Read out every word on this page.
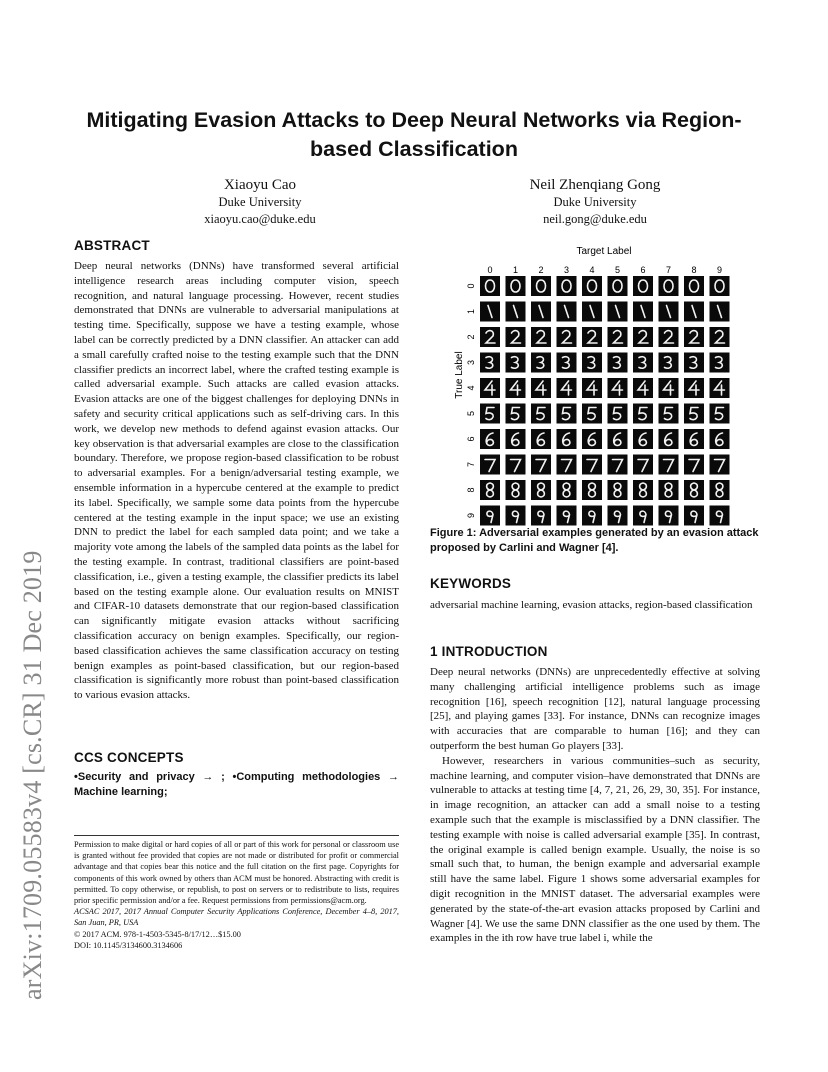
Mitigating Evasion Attacks to Deep Neural Networks via Region-based Classification
Xiaoyu Cao
Duke University
xiaoyu.cao@duke.edu
Neil Zhenqiang Gong
Duke University
neil.gong@duke.edu
arXiv:1709.05583v4 [cs.CR] 31 Dec 2019
ABSTRACT

Deep neural networks (DNNs) have transformed several artificial intelligence research areas including computer vision, speech recognition, and natural language processing. However, recent studies demonstrated that DNNs are vulnerable to adversarial manipulations at testing time. Specifically, suppose we have a testing example, whose label can be correctly predicted by a DNN classifier. An attacker can add a small carefully crafted noise to the testing example such that the DNN classifier predicts an incorrect label, where the crafted testing example is called adversarial example. Such attacks are called evasion attacks. Evasion attacks are one of the biggest challenges for deploying DNNs in safety and security critical applications such as self-driving cars. In this work, we develop new methods to defend against evasion attacks. Our key observation is that adversarial examples are close to the classification boundary. Therefore, we propose region-based classification to be robust to adversarial examples. For a benign/adversarial testing example, we ensemble information in a hypercube centered at the example to predict its label. Specifically, we sample some data points from the hypercube centered at the testing example in the input space; we use an existing DNN to predict the label for each sampled data point; and we take a majority vote among the labels of the sampled data points as the label for the testing example. In contrast, traditional classifiers are point-based classification, i.e., given a testing example, the classifier predicts its label based on the testing example alone. Our evaluation results on MNIST and CIFAR-10 datasets demonstrate that our region-based classification can significantly mitigate evasion attacks without sacrificing classification accuracy on benign examples. Specifically, our region-based classification achieves the same classification accuracy on testing benign examples as point-based classification, but our region-based classification is significantly more robust than point-based classification to various evasion attacks.

CCS CONCEPTS
•Security and privacy → ; •Computing methodologies → Machine learning;

Permission to make digital or hard copies of all or part of this work for personal or classroom use is granted without fee provided that copies are not made or distributed for profit or commercial advantage and that copies bear this notice and the full citation on the first page. Copyrights for components of this work owned by others than ACM must be honored. Abstracting with credit is permitted. To copy otherwise, or republish, to post on servers or to redistribute to lists, requires prior specific permission and/or a fee. Request permissions from permissions@acm.org.

ACSAC 2017, 2017 Annual Computer Security Applications Conference, December 4–8, 2017, San Juan, PR, USA

© 2017 ACM. 978-1-4503-5345-8/17/12…$15.00

DOI: 10.1145/3134600.3134606

Target Label
True Label
0 1 2 3 4 5 6 7 8 9
0
1
2
3
4
5
6
7
8
9
Figure 1: Adversarial examples generated by an evasion attack proposed by Carlini and Wagner [4].
KEYWORDS
adversarial machine learning, evasion attacks, region-based classification
1 INTRODUCTION

Deep neural networks (DNNs) are unprecedentedly effective at solving many challenging artificial intelligence problems such as image recognition [16], speech recognition [12], natural language processing [25], and playing games [33]. For instance, DNNs can recognize images with accuracies that are comparable to human [16]; and they can outperform the best human Go players [33].

However, researchers in various communities–such as security, machine learning, and computer vision–have demonstrated that DNNs are vulnerable to attacks at testing time [4, 7, 21, 26, 29, 30, 35]. For instance, in image recognition, an attacker can add a small noise to a testing example such that the example is misclassified by a DNN classifier. The testing example with noise is called adversarial example [35]. In contrast, the original example is called benign example. Usually, the noise is so small such that, to human, the benign example and adversarial example still have the same label. Figure 1 shows some adversarial examples for digit recognition in the MNIST dataset. The adversarial examples were generated by the state-of-the-art evasion attacks proposed by Carlini and Wagner [4]. We use the same DNN classifier as the one used by them. The examples in the ith row have true label i, while the
